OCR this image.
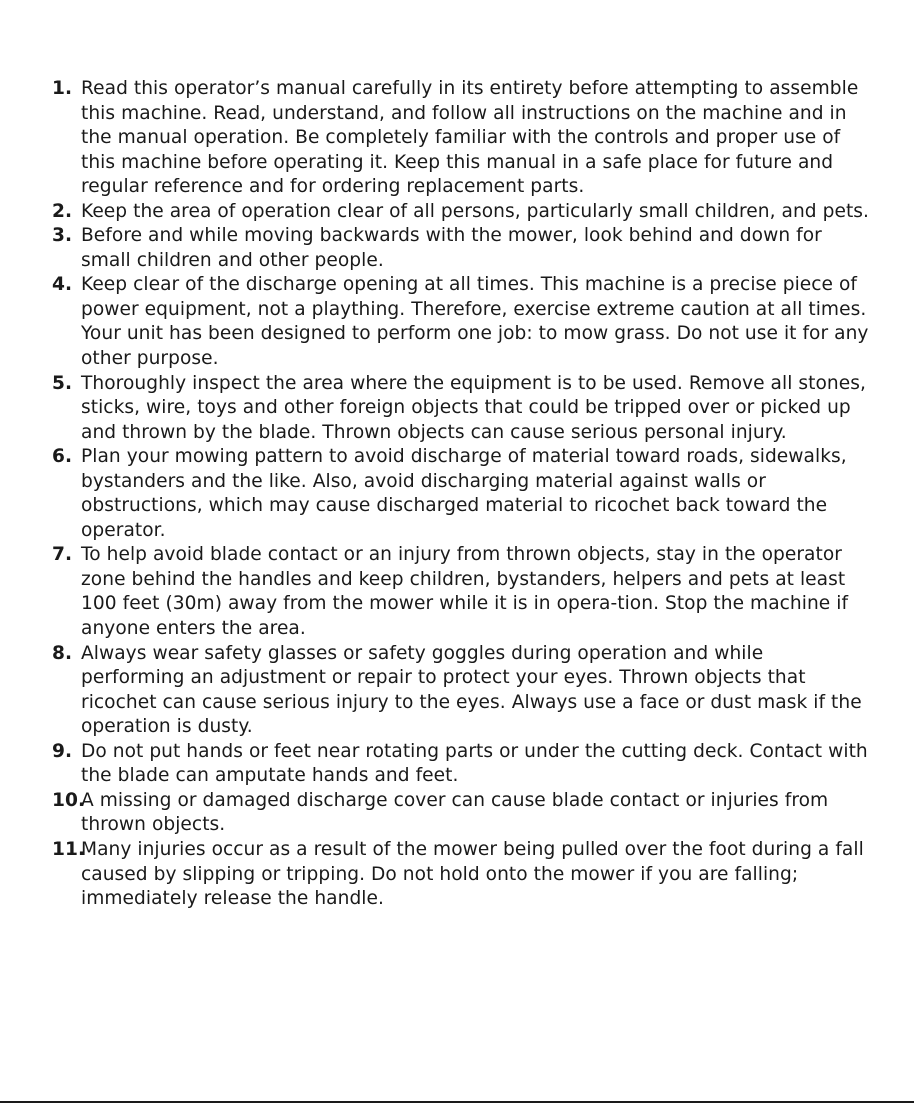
1. Read this operator’s manual carefully in its entirety before attempting to assemble this machine. Read, understand, and follow all instructions on the machine and in the manual operation. Be completely familiar with the controls and proper use of this machine before operating it. Keep this manual in a safe place for future and regular reference and for ordering replacement parts.
2. Keep the area of operation clear of all persons, particularly small children, and pets.
3. Before and while moving backwards with the mower, look behind and down for small children and other people.
4. Keep clear of the discharge opening at all times. This machine is a precise piece of power equipment, not a plaything. Therefore, exercise extreme caution at all times. Your unit has been designed to perform one job: to mow grass. Do not use it for any other purpose.
5. Thoroughly inspect the area where the equipment is to be used. Remove all stones, sticks, wire, toys and other foreign objects that could be tripped over or picked up and thrown by the blade. Thrown objects can cause serious personal injury.
6. Plan your mowing pattern to avoid discharge of material toward roads, sidewalks, bystanders and the like. Also, avoid discharging material against walls or obstructions, which may cause discharged material to ricochet back toward the operator.
7. To help avoid blade contact or an injury from thrown objects, stay in the operator zone behind the handles and keep children, bystanders, helpers and pets at least 100 feet (30m) away from the mower while it is in opera-tion. Stop the machine if anyone enters the area.
8. Always wear safety glasses or safety goggles during operation and while performing an adjustment or repair to protect your eyes. Thrown objects that ricochet can cause serious injury to the eyes. Always use a face or dust mask if the operation is dusty.
9. Do not put hands or feet near rotating parts or under the cutting deck. Contact with the blade can amputate hands and feet.
10.
A missing or damaged discharge cover can cause blade contact or injuries from thrown objects.
11.
Many injuries occur as a result of the mower being pulled over the foot during a fall caused by slipping or tripping. Do not hold onto the mower if you are falling; immediately release the handle.
